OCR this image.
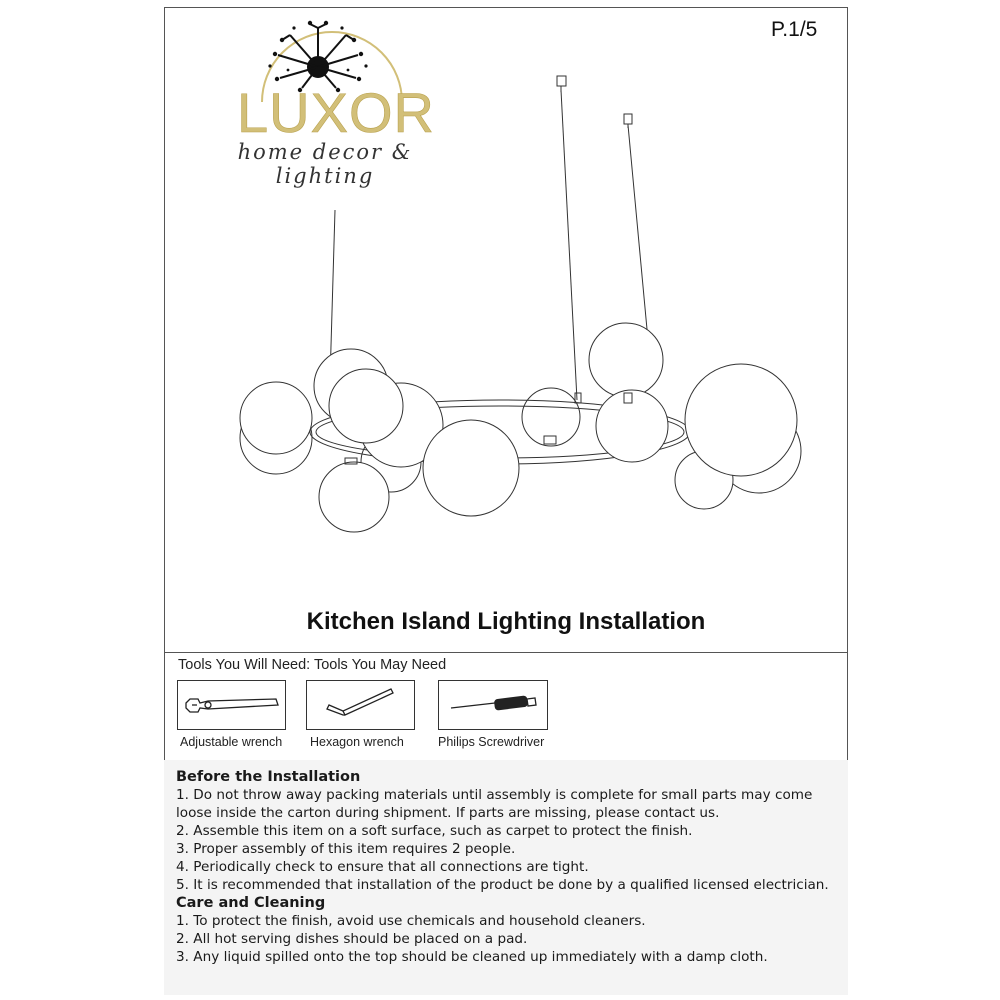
P.1/5
LUXOR
home decor & lighting
Kitchen Island Lighting Installation
Tools You Will Need: Tools You May Need
Adjustable wrench Hexagon wrench	Philips Screwdriver
Before the Installation

1. Do not throw away packing materials until assembly is complete for small parts may come loose inside the carton during shipment. If parts are missing, please contact us.

2. Assemble this item on a soft surface, such as carpet to protect the finish.

3. Proper assembly of this item requires 2 people.

4. Periodically check to ensure that all connections are tight.

5. It is recommended that installation of the product be done by a qualified licensed electrician.

Care and Cleaning

1. To protect the finish, avoid use chemicals and household cleaners.

2. All hot serving dishes should be placed on a pad.

3. Any liquid spilled onto the top should be cleaned up immediately with a damp cloth.
